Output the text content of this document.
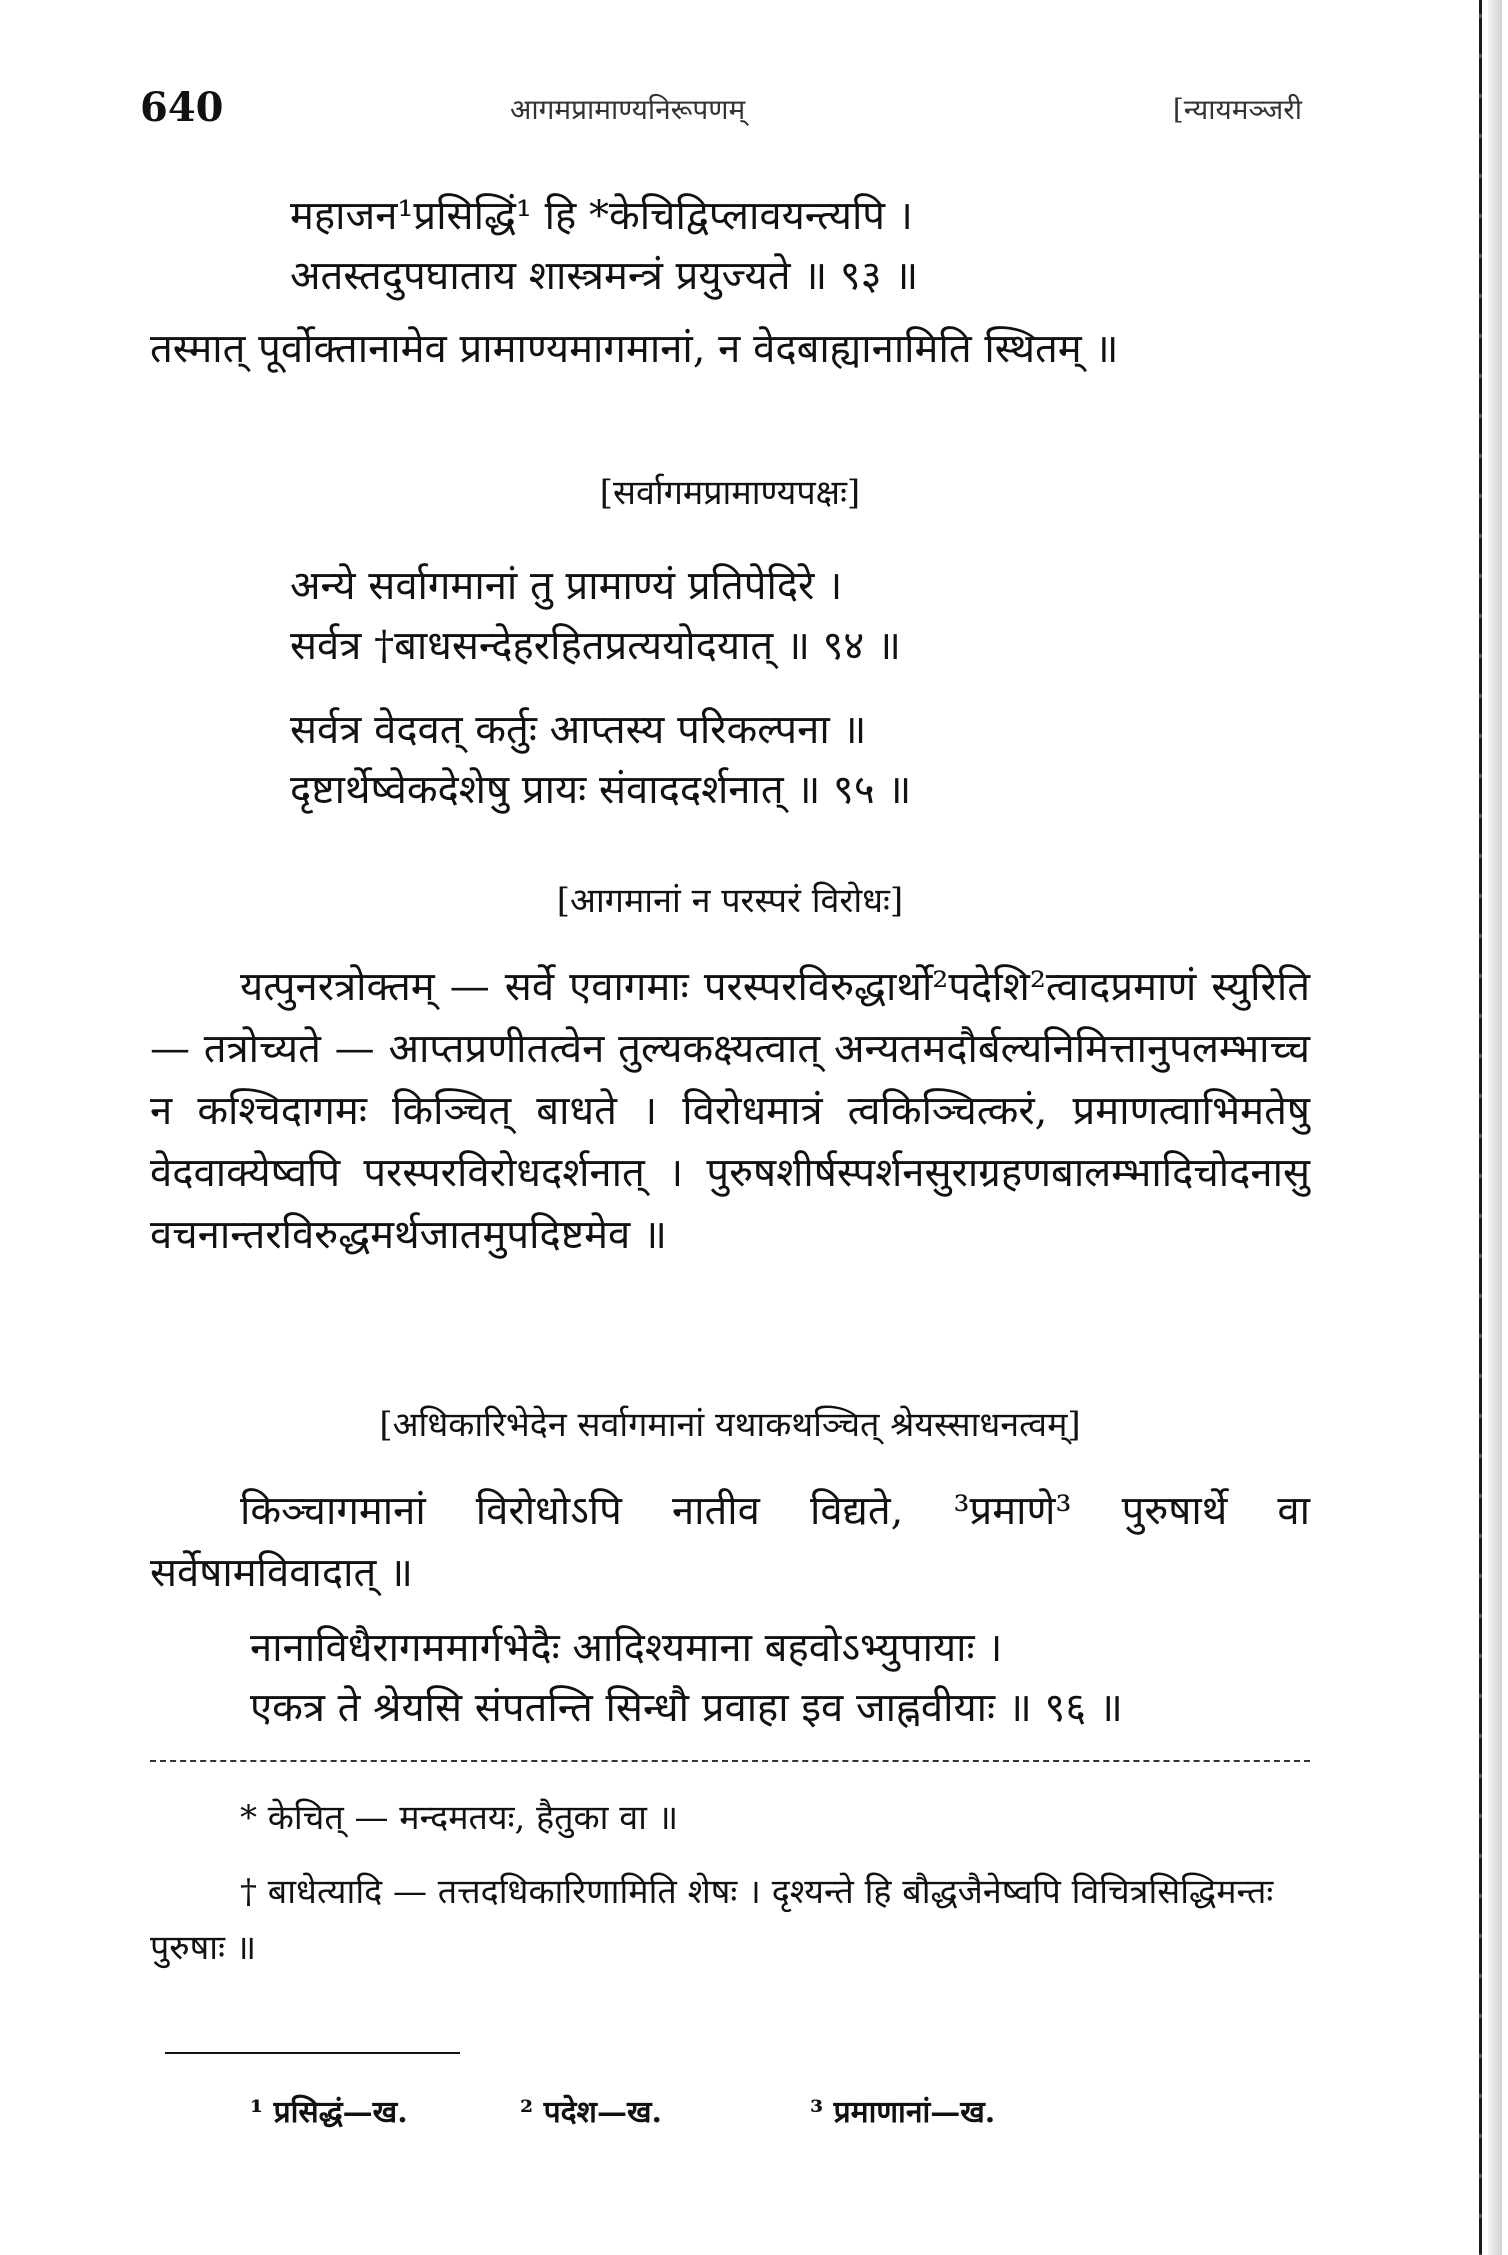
640	आगमप्रामाण्यनिरूपणम्	[न्यायमञ्जरी
महाजन¹प्रसिद्धिं¹ हि *केचिद्विप्लावयन्त्यपि ।
अतस्तदुपघाताय शास्त्रमन्त्रं प्रयुज्यते ॥ ९३ ॥
तस्मात् पूर्वोक्तानामेव प्रामाण्यमागमानां, न वेदबाह्यानामिति स्थितम् ॥
[सर्वागमप्रामाण्यपक्षः]
अन्ये सर्वागमानां तु प्रामाण्यं प्रतिपेदिरे ।
सर्वत्र †बाधसन्देहरहितप्रत्ययोदयात् ॥ ९४ ॥
सर्वत्र वेदवत् कर्तुः आप्तस्य परिकल्पना ॥
दृष्टार्थेष्वेकदेशेषु प्रायः संवाददर्शनात् ॥ ९५ ॥
[आगमानां न परस्परं विरोधः]
यत्पुनरत्रोक्तम् — सर्वे एवागमाः परस्परविरुद्धार्थो²पदेशि²त्वादप्रमाणं स्युरिति — तत्रोच्यते — आप्तप्रणीतत्वेन तुल्यकक्ष्यत्वात् अन्यतमदौर्बल्यनिमित्तानुपलम्भाच्च न कश्चिदागमः किञ्चित् बाधते । विरोधमात्रं त्वकिञ्चित्करं, प्रमाणत्वाभिमतेषु वेदवाक्येष्वपि परस्परविरोधदर्शनात् । पुरुषशीर्षस्पर्शनसुराग्रहणबालम्भादिचोदनासु वचनान्तरविरुद्धमर्थजातमुपदिष्टमेव ॥
[अधिकारिभेदेन सर्वागमानां यथाकथञ्चित् श्रेयस्साधनत्वम्]
किञ्चागमानां विरोधोऽपि नातीव विद्यते, ³प्रमाणे³ पुरुषार्थे वा सर्वेषामविवादात् ॥
नानाविधैरागममार्गभेदैः आदिश्यमाना बहवोऽभ्युपायाः ।
एकत्र ते श्रेयसि संपतन्ति सिन्धौ प्रवाहा इव जाह्नवीयाः ॥ ९६ ॥
* केचित् — मन्दमतयः, हैतुका वा ॥
† बाधेत्यादि — तत्तदधिकारिणामिति शेषः । दृश्यन्ते हि बौद्धजैनेष्वपि विचित्रसिद्धिमन्तः पुरुषाः ॥
¹ प्रसिद्धं—ख.	² पदेश—ख.	³ प्रमाणानां—ख.
